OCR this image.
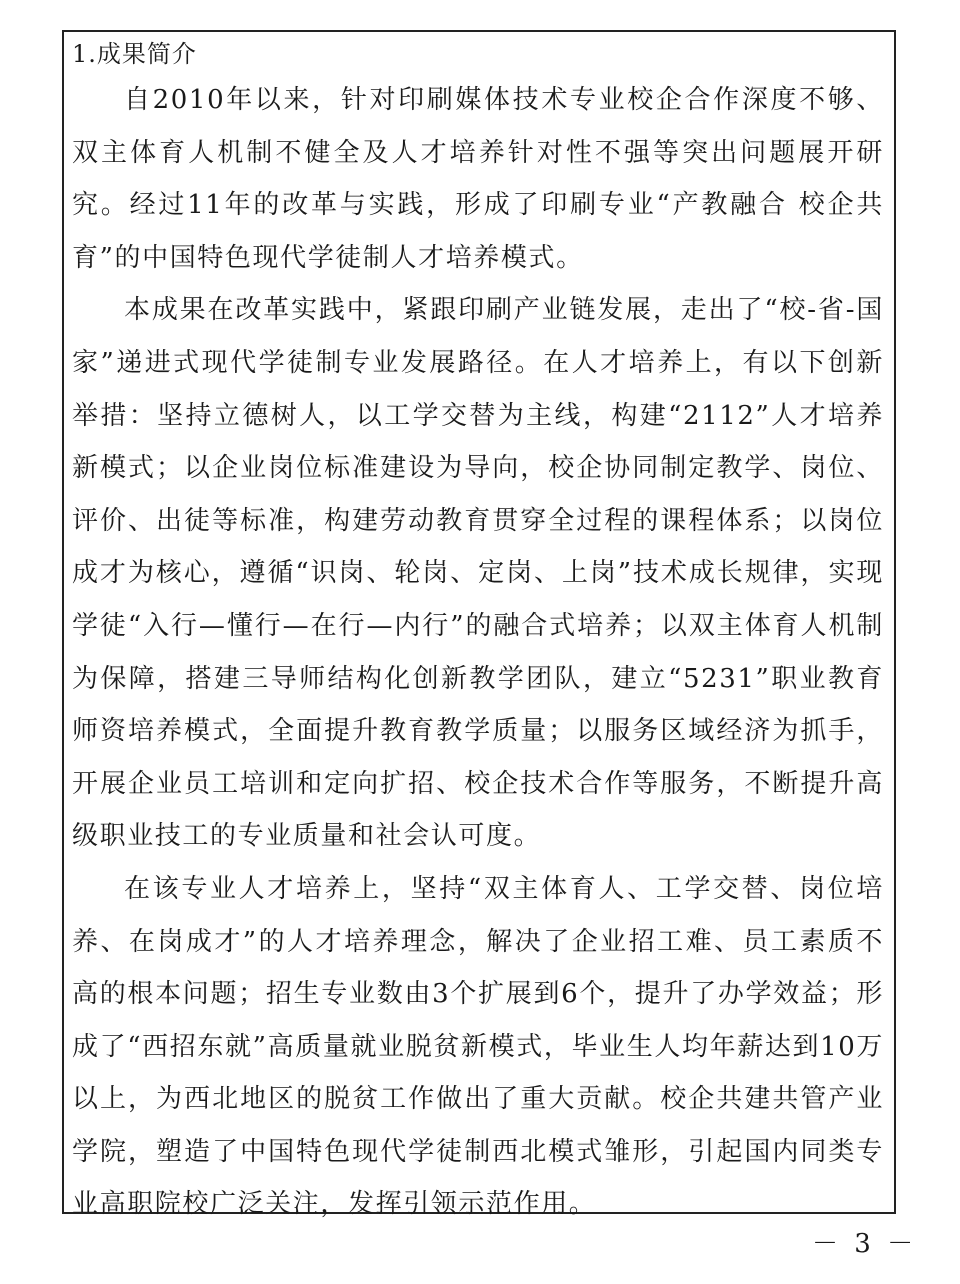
1.成果简介

自2010年以来，针对印刷媒体技术专业校企合作深度不够、双主体育人机制不健全及人才培养针对性不强等突出问题展开研究。经过11年的改革与实践，形成了印刷专业“产教融合 校企共育”的中国特色现代学徒制人才培养模式。

本成果在改革实践中，紧跟印刷产业链发展，走出了“校-省-国家”递进式现代学徒制专业发展路径。在人才培养上，有以下创新举措：坚持立德树人，以工学交替为主线，构建“2112”人才培养新模式；以企业岗位标准建设为导向，校企协同制定教学、岗位、评价、出徒等标准，构建劳动教育贯穿全过程的课程体系；以岗位成才为核心，遵循“识岗、轮岗、定岗、上岗”技术成长规律，实现学徒“入行—懂行—在行—内行”的融合式培养；以双主体育人机制为保障，搭建三导师结构化创新教学团队，建立“5231”职业教育师资培养模式，全面提升教育教学质量；以服务区域经济为抓手，开展企业员工培训和定向扩招、校企技术合作等服务，不断提升高级职业技工的专业质量和社会认可度。

在该专业人才培养上，坚持“双主体育人、工学交替、岗位培养、在岗成才”的人才培养理念，解决了企业招工难、员工素质不高的根本问题；招生专业数由3个扩展到6个，提升了办学效益；形成了“西招东就”高质量就业脱贫新模式，毕业生人均年薪达到10万以上，为西北地区的脱贫工作做出了重大贡献。校企共建共管产业学院，塑造了中国特色现代学徒制西北模式雏形，引起国内同类专业高职院校广泛关注，发挥引领示范作用。

－ 3 －
